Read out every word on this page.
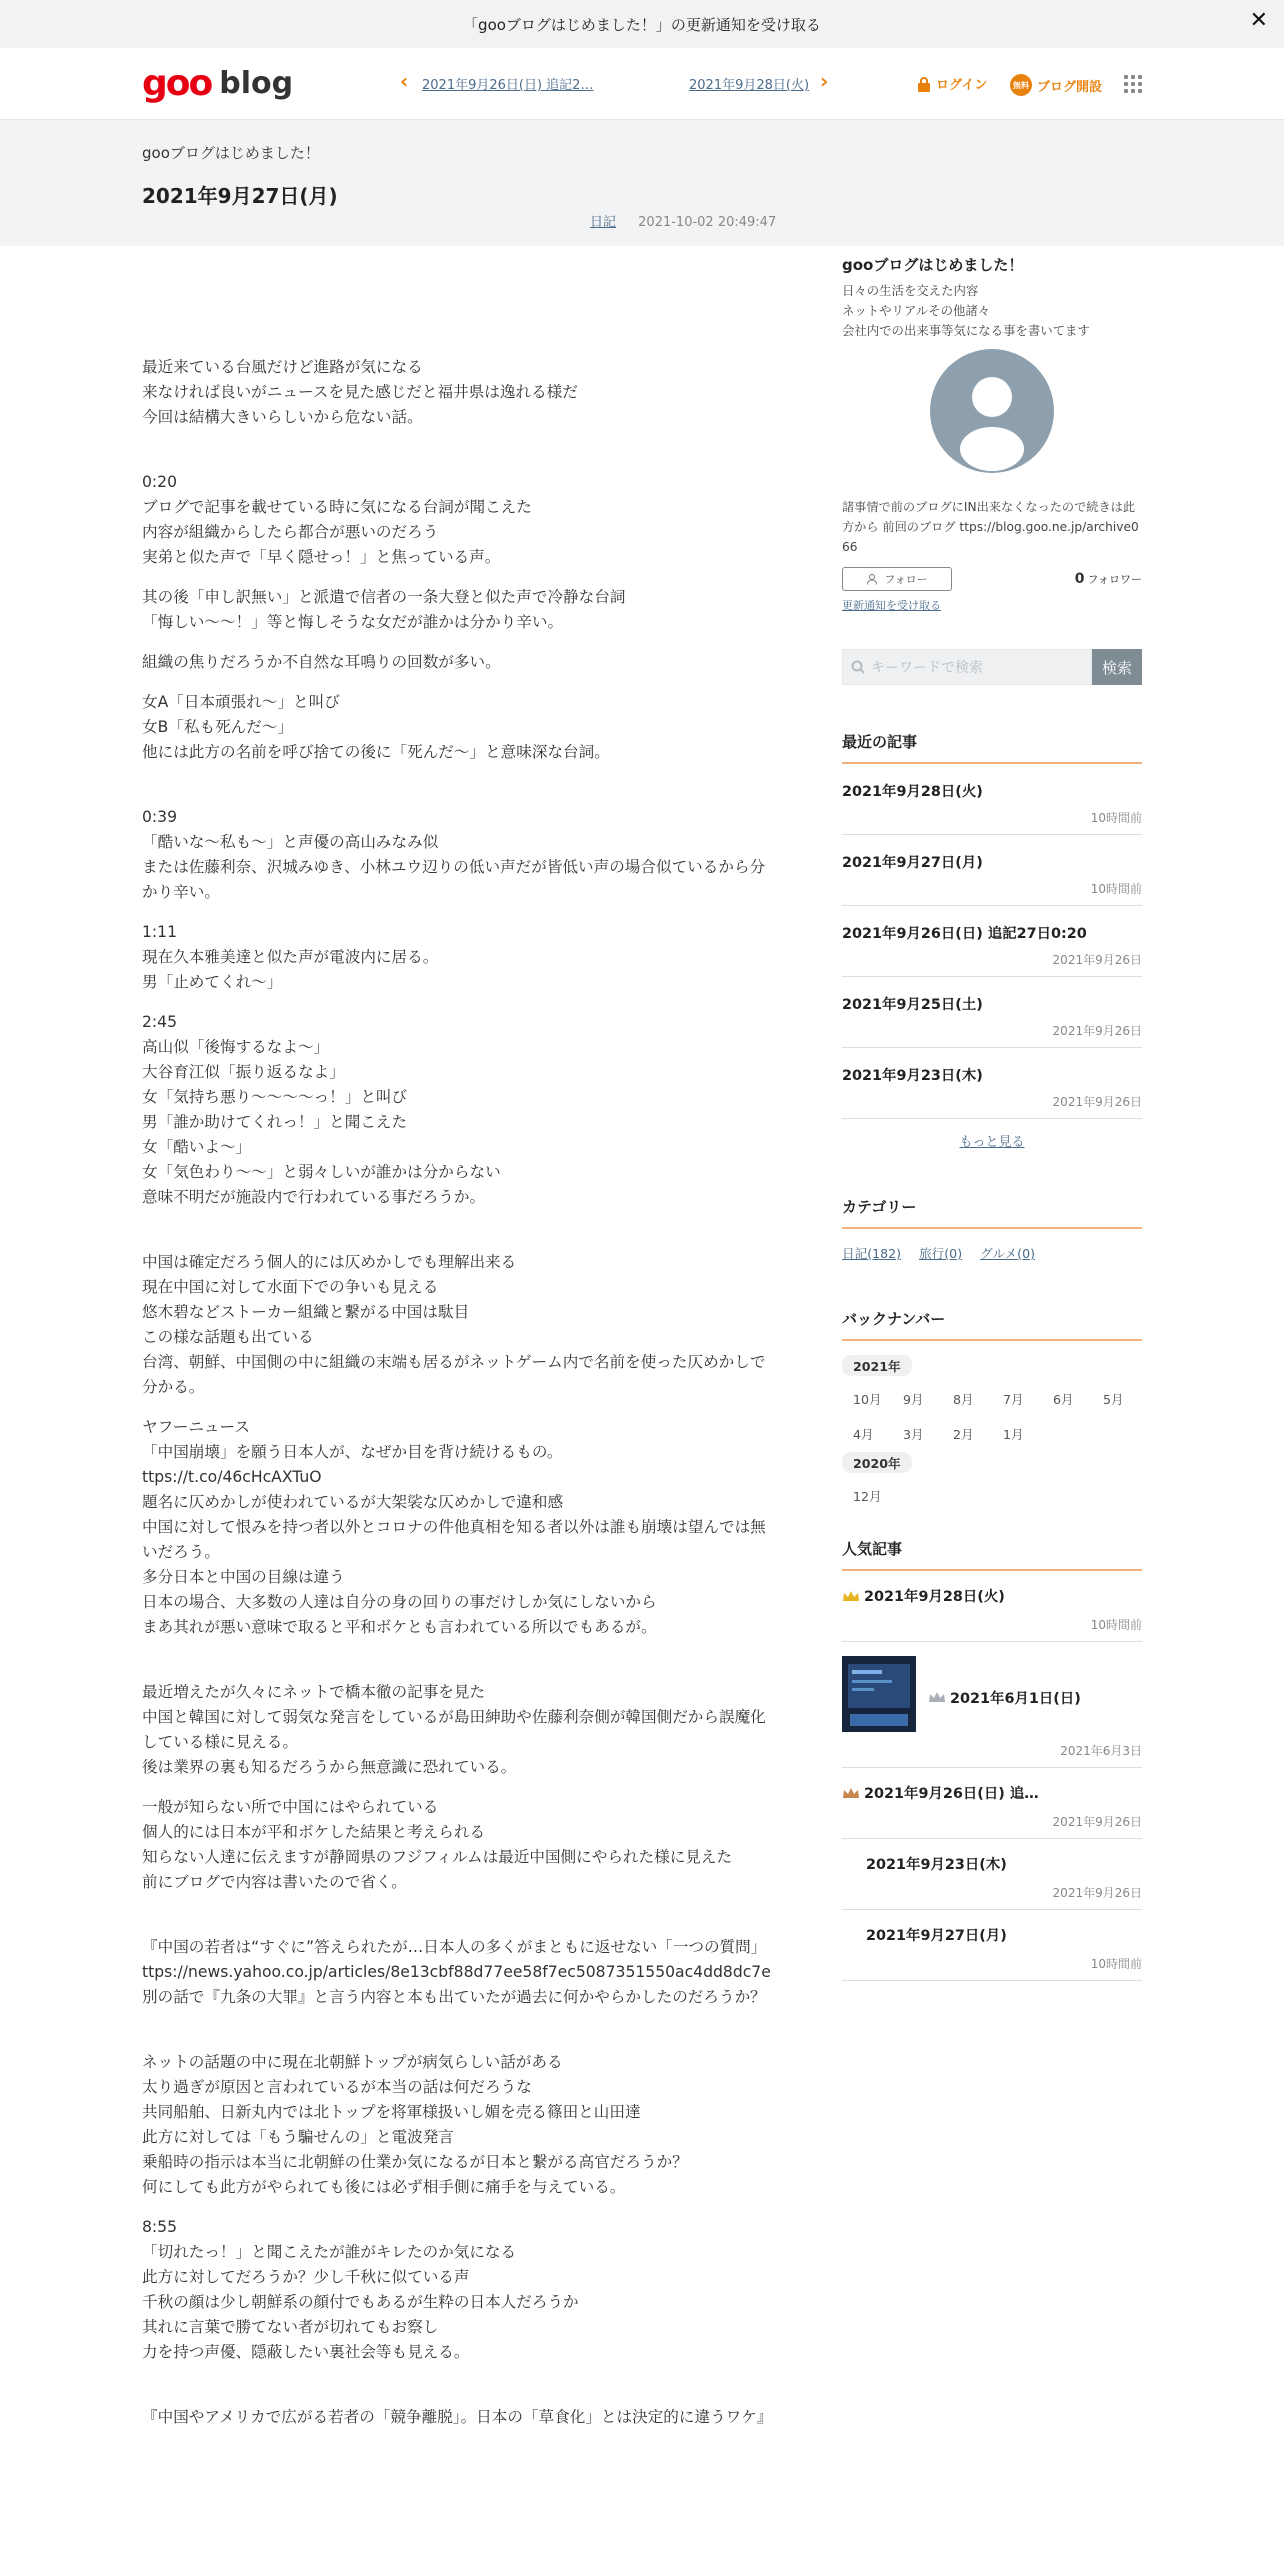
「gooブログはじめました！」の更新通知を受け取る	✕
goo blog	‹ 2021年9月26日(日) 追記2…	2021年9月28日(火) ›	ログイン	無料 ブログ開設
gooブログはじめました！
2021年9月27日(月)
日記 2021-10-02 20:49:47
最近来ている台風だけど進路が気になる
来なければ良いがニュースを見た感じだと福井県は逸れる様だ
今回は結構大きいらしいから危ない話。
0:20
ブログで記事を載せている時に気になる台詞が聞こえた
内容が組織からしたら都合が悪いのだろう
実弟と似た声で「早く隠せっ！」と焦っている声。
其の後「申し訳無い」と派遣で信者の一条大登と似た声で冷静な台詞
「悔しい～～！」等と悔しそうな女だが誰かは分かり辛い。
組織の焦りだろうか不自然な耳鳴りの回数が多い。
女A「日本頑張れ～」と叫び
女B「私も死んだ～」
他には此方の名前を呼び捨ての後に「死んだ～」と意味深な台詞。
0:39
「酷いな～私も～」と声優の高山みなみ似
または佐藤利奈、沢城みゆき、小林ユウ辺りの低い声だが皆低い声の場合似ているから分かり辛い。
1:11
現在久本雅美達と似た声が電波内に居る。
男「止めてくれ～」
2:45
高山似「後悔するなよ～」
大谷育江似「振り返るなよ」
女「気持ち悪り～～～～っ！」と叫び
男「誰か助けてくれっ！」と聞こえた
女「酷いよ～」
女「気色わり～～」と弱々しいが誰かは分からない
意味不明だが施設内で行われている事だろうか。
中国は確定だろう個人的には仄めかしでも理解出来る
現在中国に対して水面下での争いも見える
悠木碧などストーカー組織と繋がる中国は駄目
この様な話題も出ている
台湾、朝鮮、中国側の中に組織の末端も居るがネットゲーム内で名前を使った仄めかしで分かる。
ヤフーニュース
「中国崩壊」を願う日本人が、なぜか目を背け続けるもの。
ttps://t.co/46cHcAXTuO
題名に仄めかしが使われているが大架裟な仄めかしで違和感
中国に対して恨みを持つ者以外とコロナの件他真相を知る者以外は誰も崩壊は望んでは無いだろう。
多分日本と中国の目線は違う
日本の場合、大多数の人達は自分の身の回りの事だけしか気にしないから
まあ其れが悪い意味で取ると平和ボケとも言われている所以でもあるが。
最近増えたが久々にネットで橋本徹の記事を見た
中国と韓国に対して弱気な発言をしているが島田紳助や佐藤利奈側が韓国側だから誤魔化している様に見える。
後は業界の裏も知るだろうから無意識に恐れている。
一般が知らない所で中国にはやられている
個人的には日本が平和ボケした結果と考えられる
知らない人達に伝えますが静岡県のフジフィルムは最近中国側にやられた様に見えた
前にブログで内容は書いたので省く。
『中国の若者は“すぐに”答えられたが…日本人の多くがまともに返せない「一つの質問」
ttps://news.yahoo.co.jp/articles/8e13cbf88d77ee58f7ec5087351550ac4dd8dc7e
別の話で『九条の大罪』と言う内容と本も出ていたが過去に何かやらかしたのだろうか？
ネットの話題の中に現在北朝鮮トップが病気らしい話がある
太り過ぎが原因と言われているが本当の話は何だろうな
共同船舶、日新丸内では北トップを将軍様扱いし媚を売る篠田と山田達
此方に対しては「もう騙せんの」と電波発言
乗船時の指示は本当に北朝鮮の仕業か気になるが日本と繋がる高官だろうか？
何にしても此方がやられても後には必ず相手側に痛手を与えている。
8:55
「切れたっ！」と聞こえたが誰がキレたのか気になる
此方に対してだろうか？少し千秋に似ている声
千秋の顔は少し朝鮮系の顔付でもあるが生粋の日本人だろうか
其れに言葉で勝てない者が切れてもお察し
力を持つ声優、隠蔽したい裏社会等も見える。
『中国やアメリカで広がる若者の「競争離脱」。日本の「草食化」とは決定的に違うワケ』
gooブログはじめました！
日々の生活を交えた内容
ネットやリアルその他諸々
会社内での出来事等気になる事を書いてます
諸事情で前のブログにIN出来なくなったので続きは此方から 前回のブログ ttps://blog.goo.ne.jp/archive066
フォロー	0 フォロワー
更新通知を受け取る
キーワードで検索	検索
最近の記事
2021年9月28日(火)
10時間前
2021年9月27日(月)
10時間前
2021年9月26日(日) 追記27日0:20
2021年9月26日
2021年9月25日(土)
2021年9月26日
2021年9月23日(木)
2021年9月26日
もっと見る
カテゴリー
日記(182) 旅行(0) グルメ(0)
バックナンバー
2021年
10月	9月	8月	7月	6月	5月
4月	3月	2月	1月
2020年
12月
人気記事
2021年9月28日(火)
10時間前
2021年6月1日(日)
2021年6月3日
2021年9月26日(日) 追…
2021年9月26日
2021年9月23日(木)
2021年9月26日
2021年9月27日(月)
10時間前
